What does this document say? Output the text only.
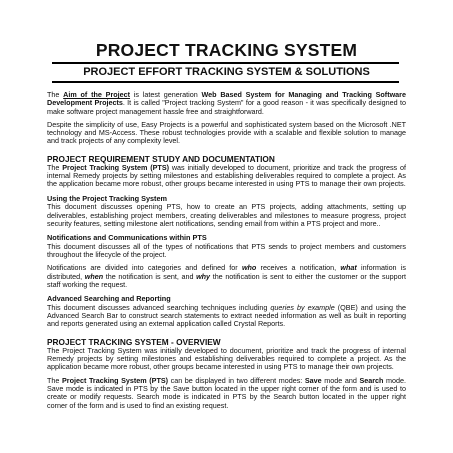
PROJECT TRACKING SYSTEM
PROJECT EFFORT TRACKING SYSTEM & SOLUTIONS

The Aim of the Project is latest generation Web Based System for Managing and Tracking Software Development Projects. It is called "Project tracking System" for a good reason - it was specifically designed to make software project management hassle free and straightforward.

Despite the simplicity of use, Easy Projects is a powerful and sophisticated system based on the Microsoft .NET technology and MS-Access. These robust technologies provide with a scalable and flexible solution to manage and track projects of any complexity level.

PROJECT REQUIREMENT STUDY AND DOCUMENTATION

The Project Tracking System (PTS) was initially developed to document, prioritize and track the progress of internal Remedy projects by setting milestones and establishing deliverables required to complete a project. As the application became more robust, other groups became interested in using PTS to manage their own projects.

Using the Project Tracking System

This document discusses opening PTS, how to create an PTS projects, adding attachments, setting up deliverables, establishing project members, creating deliverables and milestones to measure progress, project security features, setting milestone alert notifications, sending email from within a PTS project and more..

Notifications and Communications within PTS

This document discusses all of the types of notifications that PTS sends to project members and customers throughout the lifecycle of the project.

Notifications are divided into categories and defined for who receives a notification, what information is distributed, when the notification is sent, and why the notification is sent to either the customer or the support staff working the request.

Advanced Searching and Reporting

This document discusses advanced searching techniques including queries by example (QBE) and using the Advanced Search Bar to construct search statements to extract needed information as well as built in reporting and reports generated using an external application called Crystal Reports.

PROJECT TRACKING SYSTEM - OVERVIEW

The Project Tracking System was initially developed to document, prioritize and track the progress of internal Remedy projects by setting milestones and establishing deliverables required to complete a project. As the application became more robust, other groups became interested in using PTS to manage their own projects.

The Project Tracking System (PTS) can be displayed in two different modes: Save mode and Search mode. Save mode is indicated in PTS by the Save button located in the upper right corner of the form and is used to create or modify requests. Search mode is indicated in PTS by the Search button located in the upper right corner of the form and is used to find an existing request.
